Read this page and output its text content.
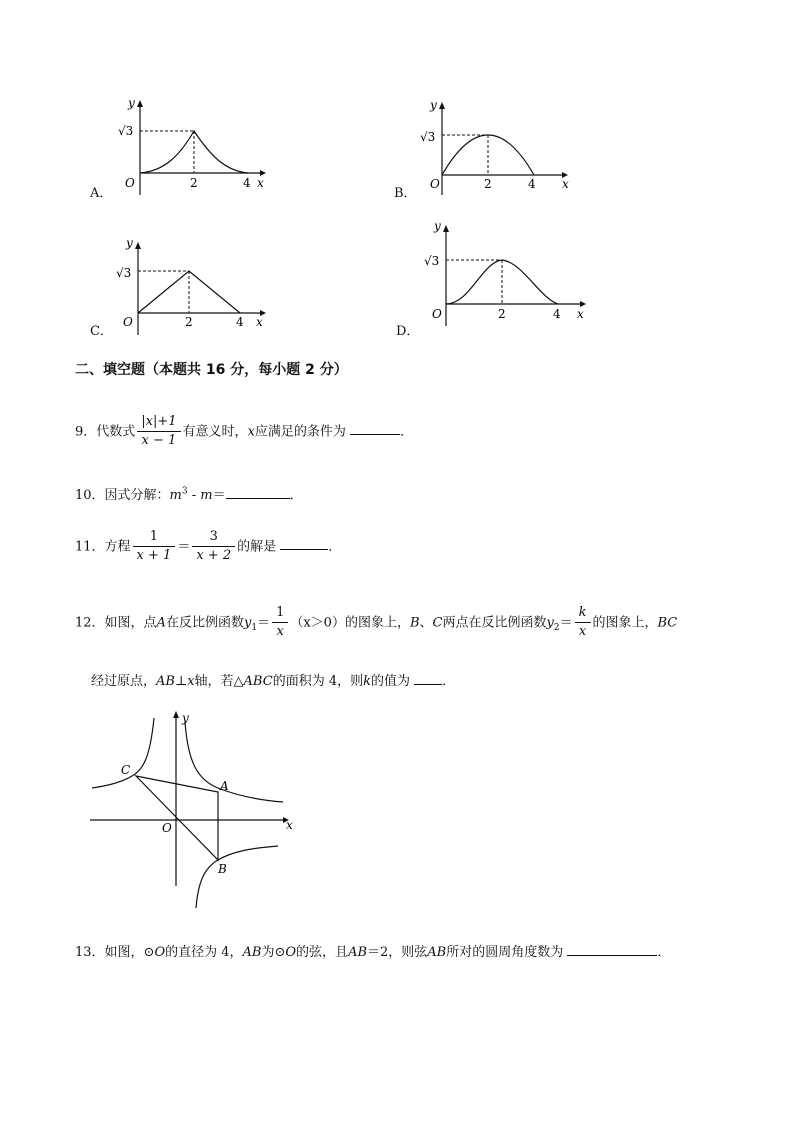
√3
O	2	4 x
y
A．
√3
O	2	4 x
y
B．
√3
O	2	4 x
y
C．
√3
O	2	4 x
y
D．
二、填空题（本题共 16 分，每小题 2 分）
9．代数式 $\frac{|x|+1}{x - 1}$ 有意义时，x应满足的条件为	．
10．因式分解：$m^3 - m=$	．
11．方程 $\frac{1}{x + 1} = \frac{3}{x + 2}$ 的解是	．
12．如图，点A在反比例函数$y_1= \frac{1}{x} (x>0)$的图象上，B、C两点在反比例函数$y_2= \frac{k}{x}$ 的图象上，BC
经过原点，AB⊥x轴，若△ABC的面积为 4，则k的值为 ．
C
A
B
O	x
y
13．如图，⊙O的直径为 4，AB为⊙O的弦，且AB＝2，则弦AB所对的圆周角度数为	．
